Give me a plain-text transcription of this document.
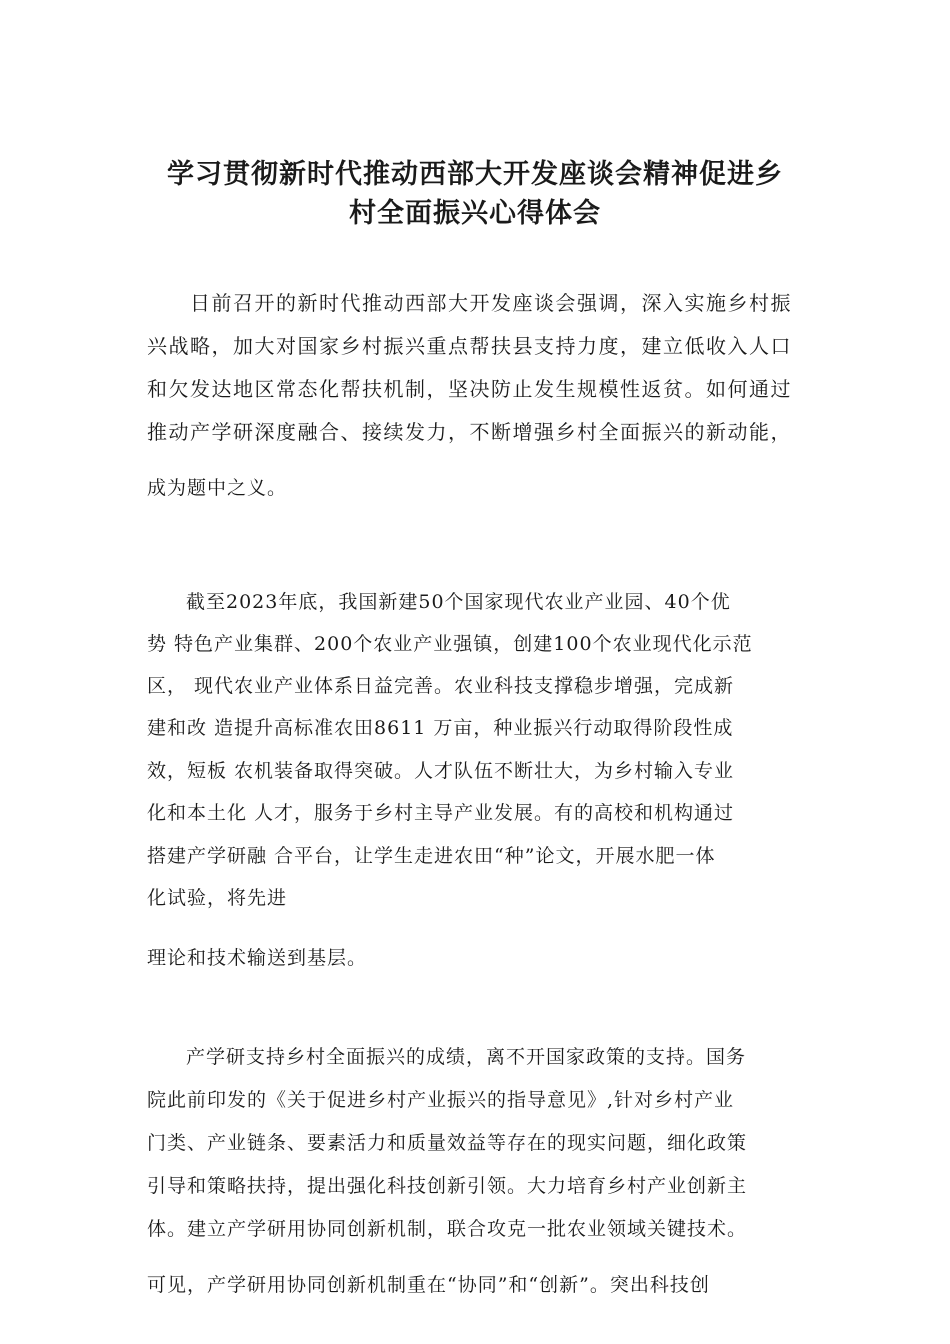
学习贯彻新时代推动西部大开发座谈会精神促进乡
村全面振兴心得体会

日前召开的新时代推动西部大开发座谈会强调，深入实施乡村振

兴战略，加大对国家乡村振兴重点帮扶县支持力度，建立低收入人口

和欠发达地区常态化帮扶机制，坚决防止发生规模性返贫。如何通过

推动产学研深度融合、接续发力，不断增强乡村全面振兴的新动能，

成为题中之义。

截至2023年底，我国新建50个国家现代农业产业园、40个优

势 特色产业集群、200个农业产业强镇，创建100个农业现代化示范

区， 现代农业产业体系日益完善。农业科技支撑稳步增强，完成新

建和改 造提升高标准农田8611 万亩，种业振兴行动取得阶段性成

效，短板 农机装备取得突破。人才队伍不断壮大，为乡村输入专业

化和本土化 人才，服务于乡村主导产业发展。有的高校和机构通过

搭建产学研融 合平台，让学生走进农田“种”论文，开展水肥一体

化试验，将先进

理论和技术输送到基层。

产学研支持乡村全面振兴的成绩，离不开国家政策的支持。国务

院此前印发的《关于促进乡村产业振兴的指导意见》,针对乡村产业

门类、产业链条、要素活力和质量效益等存在的现实问题，细化政策

引导和策略扶持，提出强化科技创新引领。大力培育乡村产业创新主

体。建立产学研用协同创新机制，联合攻克一批农业领域关键技术。

可见，产学研用协同创新机制重在“协同”和“创新”。突出科技创
